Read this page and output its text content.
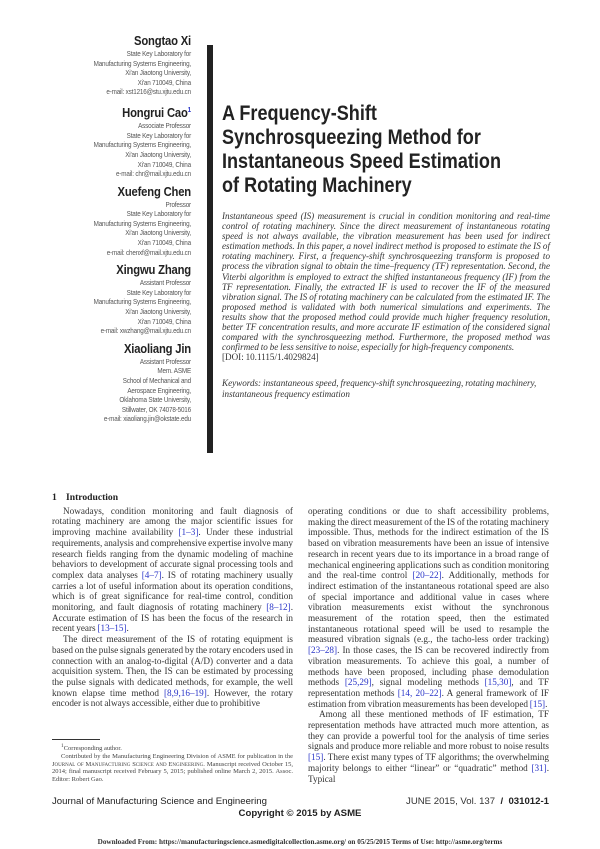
Songtao Xi
State Key Laboratory for
Manufacturing Systems Engineering,
Xi'an Jiaotong University,
Xi'an 710049, China
e-mail: xst1216@stu.xjtu.edu.cn
Hongrui Cao$^1$
Associate Professor
State Key Laboratory for
Manufacturing Systems Engineering,
Xi'an Jiaotong University,
Xi'an 710049, China
e-mail: chr@mail.xjtu.edu.cn
Xuefeng Chen
Professor
State Key Laboratory for
Manufacturing Systems Engineering,
Xi'an Jiaotong University,
Xi'an 710049, China
e-mail: chenxf@mail.xjtu.edu.cn
Xingwu Zhang
Assistant Professor
State Key Laboratory for
Manufacturing Systems Engineering,
Xi'an Jiaotong University,
Xi'an 710049, China
e-mail: xwzhang@mail.xjtu.edu.cn
Xiaoliang Jin
Assistant Professor
Mem. ASME
School of Mechanical and
Aerospace Engineering,
Oklahoma State University,
Stillwater, OK 74078-5016
e-mail: xiaoliang.jin@okstate.edu
A Frequency-Shift
Synchrosqueezing Method for
Instantaneous Speed Estimation
of Rotating Machinery
Instantaneous speed (IS) measurement is crucial in condition monitoring and real-time control of rotating machinery. Since the direct measurement of instantaneous rotating speed is not always available, the vibration measurement has been used for indirect estimation methods. In this paper, a novel indirect method is proposed to estimate the IS of rotating machinery. First, a frequency-shift synchrosqueezing transform is proposed to process the vibration signal to obtain the time–frequency (TF) representation. Second, the Viterbi algorithm is employed to extract the shifted instantaneous frequency (IF) from the TF representation. Finally, the extracted IF is used to recover the IF of the measured vibration signal. The IS of rotating machinery can be calculated from the estimated IF. The proposed method is validated with both numerical simulations and experiments. The results show that the proposed method could provide much higher frequency resolution, better TF concentration results, and more accurate IF estimation of the considered signal compared with the synchrosqueezing method. Furthermore, the proposed method was confirmed to be less sensitive to noise, especially for high-frequency components.
[DOI: 10.1115/1.4029824]
Keywords: instantaneous speed, frequency-shift synchrosqueezing, rotating machinery, instantaneous frequency estimation
1 Introduction

Nowadays, condition monitoring and fault diagnosis of rotating machinery are among the major scientific issues for improving machine availability [1–3]. Under these industrial requirements, analysis and comprehensive expertise involve many research fields ranging from the dynamic modeling of machine behaviors to development of accurate signal processing tools and complex data analyses [4–7]. IS of rotating machinery usually carries a lot of useful information about its operation conditions, which is of great significance for real-time control, condition monitoring, and fault diagnosis of rotating machinery [8–12]. Accurate estimation of IS has been the focus of the research in recent years [13–15].

The direct measurement of the IS of rotating equipment is based on the pulse signals generated by the rotary encoders used in connection with an analog-to-digital (A/D) converter and a data acquisition system. Then, the IS can be estimated by processing the pulse signals with dedicated methods, for example, the well known elapse time method [8,9,16–19]. However, the rotary encoder is not always accessible, either due to prohibitive

$^1$Corresponding author.

Contributed by the Manufacturing Engineering Division of ASME for publication in the Journal of Manufacturing Science and Engineering. Manuscript received October 15, 2014; final manuscript received February 5, 2015; published online March 2, 2015. Assoc. Editor: Robert Gao.

operating conditions or due to shaft accessibility problems, making the direct measurement of the IS of the rotating machinery impossible. Thus, methods for the indirect estimation of the IS based on vibration measurements have been an issue of intensive research in recent years due to its importance in a broad range of mechanical engineering applications such as condition monitoring and the real-time control [20–22]. Additionally, methods for indirect estimation of the instantaneous rotational speed are also of special importance and additional value in cases where vibration measurements exist without the synchronous measurement of the rotation speed, then the estimated instantaneous rotational speed will be used to resample the measured vibration signals (e.g., the tacho-less order tracking) [23–28]. In those cases, the IS can be recovered indirectly from vibration measurements. To achieve this goal, a number of methods have been proposed, including phase demodulation methods [25,29], signal modeling methods [15,30], and TF representation methods [14, 20–22]. A general framework of IF estimation from vibration measurements has been developed [15].

Among all these mentioned methods of IF estimation, TF representation methods have attracted much more attention, as they can provide a powerful tool for the analysis of time series signals and produce more reliable and more robust to noise results [15]. There exist many types of TF algorithms; the overwhelming majority belongs to either “linear” or “quadratic” method [31]. Typical

Journal of Manufacturing Science and Engineering	JUNE 2015, Vol. 137 / 031012-1
Copyright © 2015 by ASME
Downloaded From: https://manufacturingscience.asmedigitalcollection.asme.org/ on 05/25/2015 Terms of Use: http://asme.org/terms
